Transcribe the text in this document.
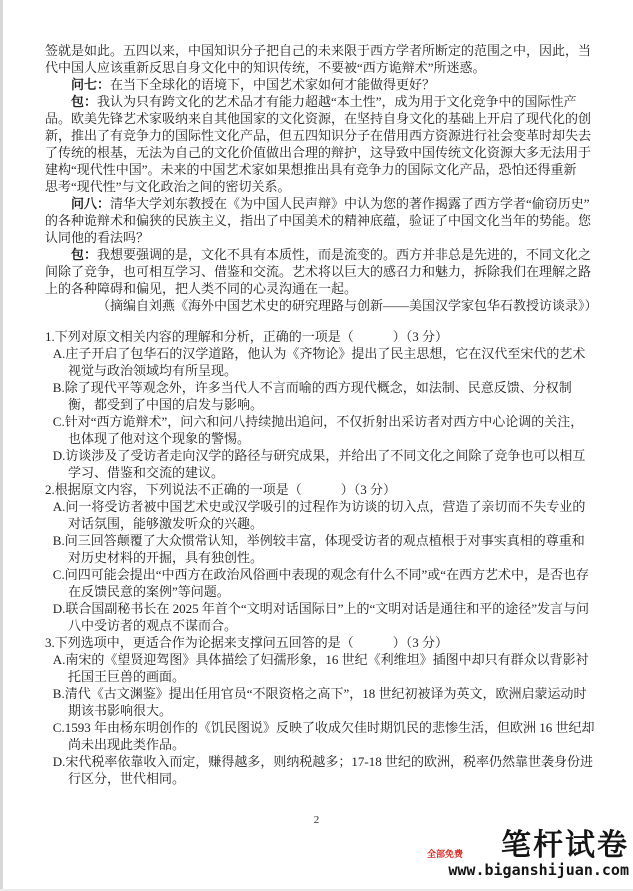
签就是如此。五四以来，中国知识分子把自己的未来限于西方学者所断定的范围之中，因此，当
代中国人应该重新反思自身文化中的知识传统，不要被“西方诡辩术”所迷惑。
问七：在当下全球化的语境下，中国艺术家如何才能做得更好？
包：我认为只有跨文化的艺术品才有能力超越“本土性”，成为用于文化竞争中的国际性产
品。欧美先锋艺术家吸纳来自其他国家的文化资源，在坚持自身文化的基础上开启了现代化的创
新，推出了有竞争力的国际性文化产品，但五四知识分子在借用西方资源进行社会变革时却失去
了传统的根基，无法为自己的文化价值做出合理的辩护，这导致中国传统文化资源大多无法用于
建构“现代性中国”。未来的中国艺术家如果想推出具有竞争力的国际文化产品，恐怕还得重新
思考“现代性”与文化政治之间的密切关系。
问八：清华大学刘东教授在《为中国人民声辩》中认为您的著作揭露了西方学者“偷窃历史”
的各种诡辩术和偏狭的民族主义，指出了中国美术的精神底蕴，验证了中国文化当年的势能。您
认同他的看法吗？
包：我想要强调的是，文化不具有本质性，而是流变的。西方并非总是先进的，不同文化之
间除了竞争，也可相互学习、借鉴和交流。艺术将以巨大的感召力和魅力，拆除我们在理解之路
上的各种障碍和偏见，把人类不同的心灵沟通在一起。
（摘编自刘燕《海外中国艺术史的研究理路与创新——美国汉学家包华石教授访谈录》）
1.下列对原文相关内容的理解和分析，正确的一项是（　　　）（3 分）
A.庄子开启了包华石的汉学道路，他认为《齐物论》提出了民主思想，它在汉代至宋代的艺术视觉与政治领域均有所呈现。
B.除了现代平等观念外，许多当代人不言而喻的西方现代概念，如法制、民意反馈、分权制衡，都受到了中国的启发与影响。
C.针对“西方诡辩术”，问六和问八持续抛出追问，不仅折射出采访者对西方中心论调的关注，也体现了他对这个现象的警惕。
D.访谈涉及了受访者走向汉学的路径与研究成果，并给出了不同文化之间除了竞争也可以相互学习、借鉴和交流的建议。
2.根据原文内容，下列说法不正确的一项是（　　　）（3 分）
A.问一将受访者被中国艺术史或汉学吸引的过程作为访谈的切入点，营造了亲切而不失专业的对话氛围，能够激发听众的兴趣。
B.问三回答颠覆了大众惯常认知，举例较丰富，体现受访者的观点植根于对事实真相的尊重和对历史材料的开掘，具有独创性。
C.问四可能会提出“中西方在政治风俗画中表现的观念有什么不同”或“在西方艺术中，是否也存在反馈民意的案例”等问题。
D.联合国副秘书长在 2025 年首个“文明对话国际日”上的“文明对话是通往和平的途径”发言与问八中受访者的观点不谋而合。
3.下列选项中，更适合作为论据来支撑问五回答的是（　　　）（3 分）
A.南宋的《望贤迎驾图》具体描绘了妇孺形象，16 世纪《利维坦》插图中却只有群众以背影衬托国王巨兽的画面。
B.清代《古文渊鉴》提出任用官员“不限资格之高下”，18 世纪初被译为英文，欧洲启蒙运动时期该书影响很大。
C.1593 年由杨东明创作的《饥民图说》反映了收成欠佳时期饥民的悲惨生活，但欧洲 16 世纪却尚未出现此类作品。
D.宋代税率依靠收入而定，赚得越多，则纳税越多；17-18 世纪的欧洲，税率仍然靠世袭身份进行区分，世代相同。
2
全部免费 笔杆试卷
www.biganshijuan.com
